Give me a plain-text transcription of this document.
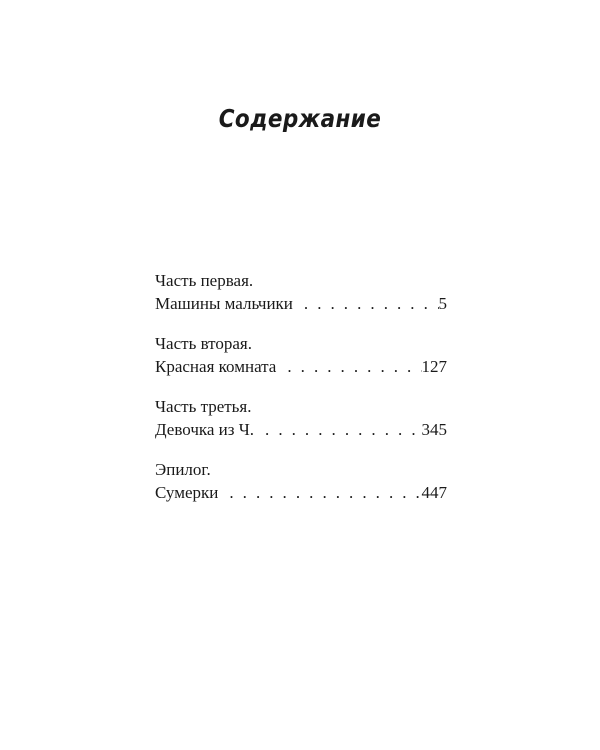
Содержание
Часть первая.
Машины мальчики . . .	5
Часть вторая.
Красная комната . . .	127
Часть третья.
Девочка из Ч. . . .	345
Эпилог.
Сумерки . . .	447
